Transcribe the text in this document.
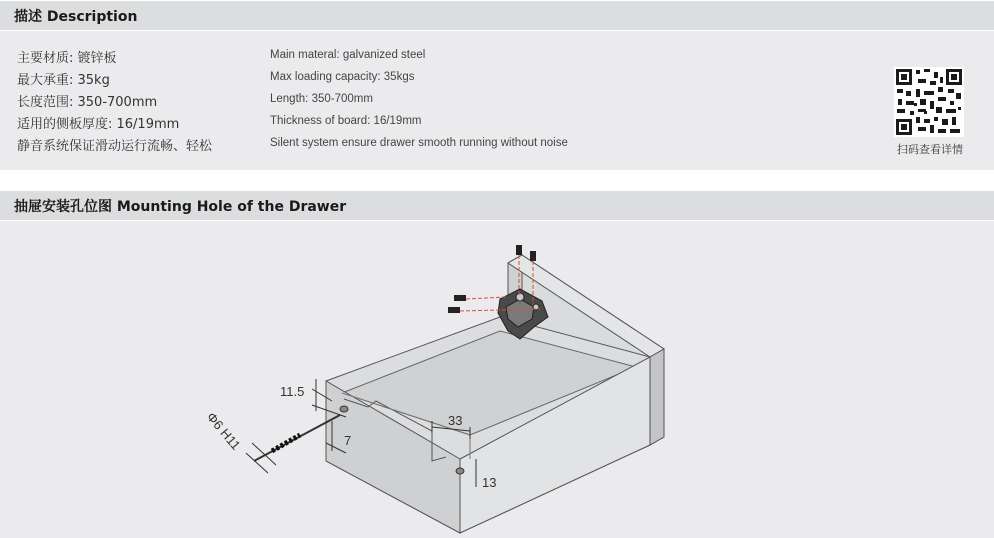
描述 Description
主要材质: 镀锌板
最大承重: 35kg
长度范围: 350-700mm
适用的侧板厚度: 16/19mm
静音系统保证滑动运行流畅、轻松
Main materal: galvanized steel
Max loading capacity: 35kgs
Length: 350-700mm
Thickness of board: 16/19mm
Silent system ensure drawer smooth running without noise	扫码查看详情
抽屉安装孔位图 Mounting Hole of the Drawer
11.5
7
33
13
Φ6 H11
